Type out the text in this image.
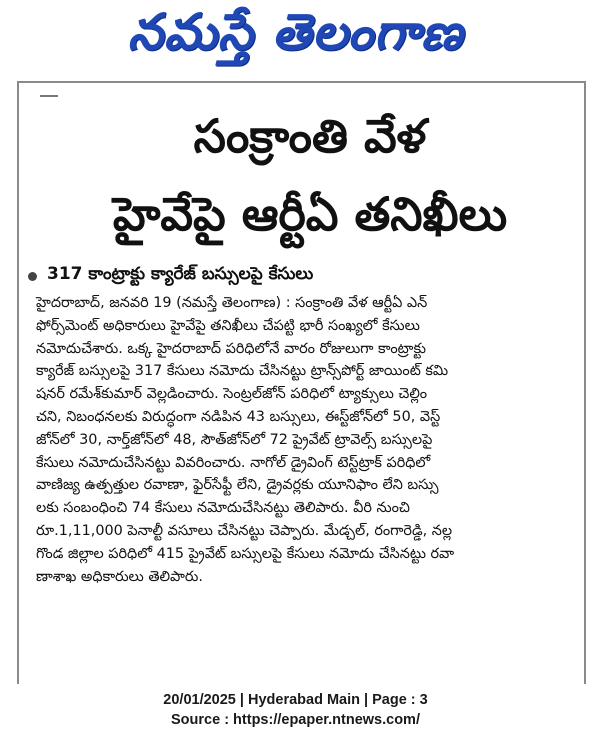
నమస్తే తెలంగాణ
సంక్రాంతి వేళ
హైవేపై ఆర్టీఏ తనిఖీలు
317 కాంట్రాక్టు క్యారేజ్ బస్సులపై కేసులు
హైదరాబాద్, జనవరి 19 (నమస్తే తెలంగాణ) : సంక్రాంతి వేళ ఆర్టీఏ ఎన్
ఫోర్స్‌మెంట్ అధికారులు హైవేపై తనిఖీలు చేపట్టి భారీ సంఖ్యలో కేసులు
నమోదుచేశారు. ఒక్క హైదరాబాద్ పరిధిలోనే వారం రోజులుగా కాంట్రాక్టు
క్యారేజ్ బస్సులపై 317 కేసులు నమోదు చేసినట్టు ట్రాన్స్‌పోర్ట్ జాయింట్ కమి
షనర్ రమేశ్‌కుమార్ వెల్లడించారు. సెంట్రల్‌జోన్ పరిధిలో ట్యాక్సులు చెల్లిం
చని, నిబంధనలకు విరుద్ధంగా నడిపిన 43 బస్సులు, ఈస్ట్‌జోన్‌లో 50, వెస్ట్
జోన్‌లో 30, నార్త్‌జోన్‌లో 48, సౌత్‌జోన్‌లో 72 ప్రైవేట్ ట్రావెల్స్ బస్సులపై
కేసులు నమోదుచేసినట్టు వివరించారు. నాగోల్ డ్రైవింగ్ టెస్ట్‌ట్రాక్ పరిధిలో
వాణిజ్య ఉత్పత్తుల రవాణా, ఫైర్‌సేఫ్టీ లేని, డ్రైవర్లకు యూనిఫాం లేని బస్సు
లకు సంబంధించి 74 కేసులు నమోదుచేసినట్టు తెలిపారు. వీరి నుంచి
రూ.1,11,000 పెనాల్టీ వసూలు చేసినట్టు చెప్పారు. మేడ్చల్, రంగారెడ్డి, నల్ల
గొండ జిల్లాల పరిధిలో 415 ప్రైవేట్ బస్సులపై కేసులు నమోదు చేసినట్టు రవా
ణాశాఖ అధికారులు తెలిపారు.
20/01/2025 | Hyderabad Main | Page : 3
Source : https://epaper.ntnews.com/
